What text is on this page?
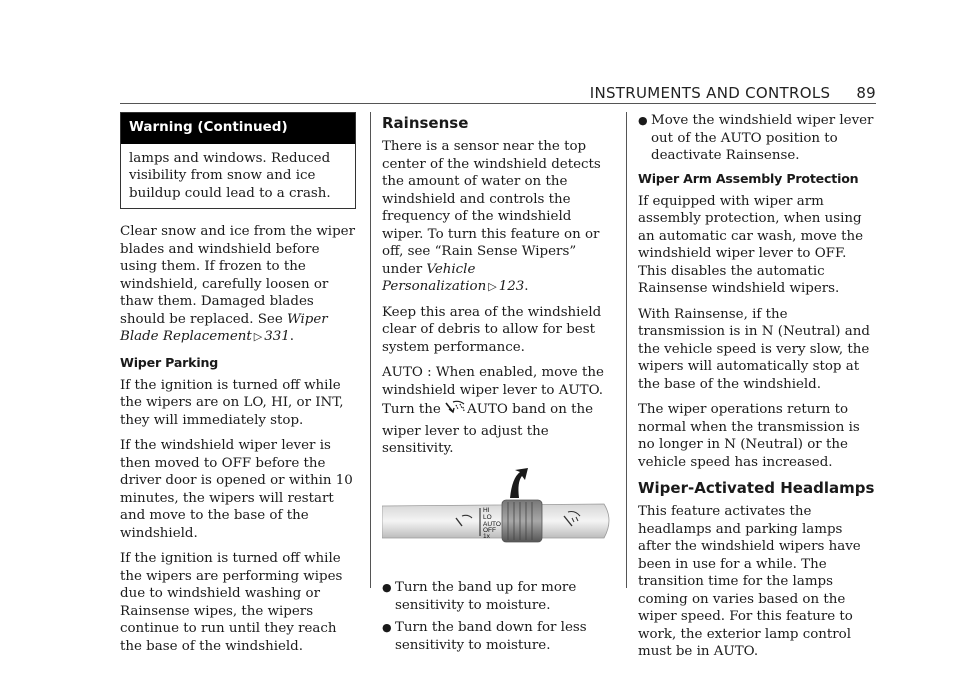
INSTRUMENTS AND CONTROLS 89
Warning (Continued)

lamps and windows. Reduced visibility from snow and ice buildup could lead to a crash.

Clear snow and ice from the wiper blades and windshield before using them. If frozen to the windshield, carefully loosen or thaw them. Damaged blades should be replaced. See Wiper Blade Replacement ▷ 331.

Wiper Parking

If the ignition is turned off while the wipers are on LO, HI, or INT, they will immediately stop.

If the windshield wiper lever is then moved to OFF before the driver door is opened or within 10 minutes, the wipers will restart and move to the base of the windshield.

If the ignition is turned off while the wipers are performing wipes due to windshield washing or Rainsense wipes, the wipers continue to run until they reach the base of the windshield.

Rainsense

There is a sensor near the top center of the windshield detects the amount of water on the windshield and controls the frequency of the windshield wiper. To turn this feature on or off, see “Rain Sense Wipers” under Vehicle Personalization ▷ 123.

Keep this area of the windshield clear of debris to allow for best system performance.

AUTO : When enabled, move the windshield wiper lever to AUTO. Turn the AUTO band on the wiper lever to adjust the sensitivity.

HI
LO
AUTO
OFF
1x
● Turn the band up for more sensitivity to moisture.
● Turn the band down for less sensitivity to moisture.
● Move the windshield wiper lever out of the AUTO position to deactivate Rainsense.
Wiper Arm Assembly Protection

If equipped with wiper arm assembly protection, when using an automatic car wash, move the windshield wiper lever to OFF. This disables the automatic Rainsense windshield wipers.

With Rainsense, if the transmission is in N (Neutral) and the vehicle speed is very slow, the wipers will automatically stop at the base of the windshield.

The wiper operations return to normal when the transmission is no longer in N (Neutral) or the vehicle speed has increased.

Wiper-Activated Headlamps

This feature activates the headlamps and parking lamps after the windshield wipers have been in use for a while. The transition time for the lamps coming on varies based on the wiper speed. For this feature to work, the exterior lamp control must be in AUTO.
